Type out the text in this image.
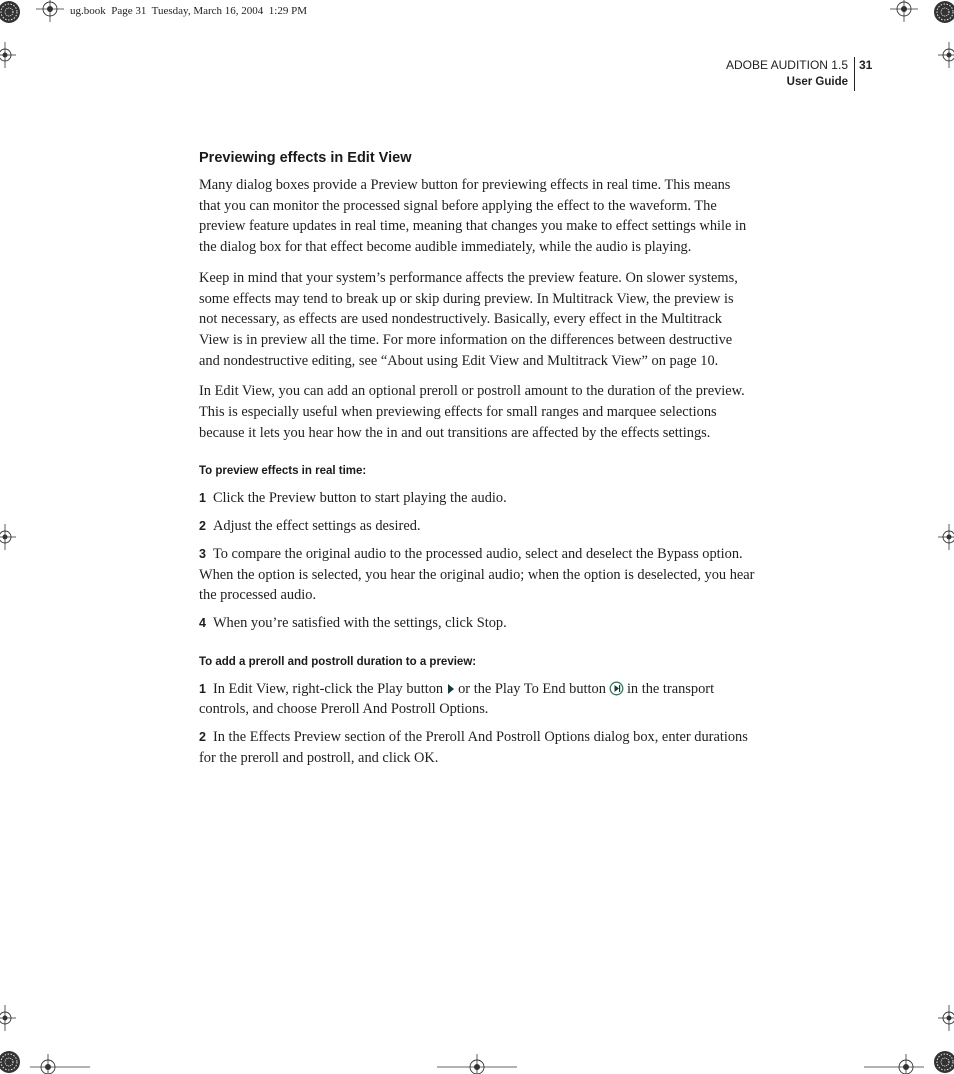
ug.book  Page 31  Tuesday, March 16, 2004  1:29 PM
ADOBE AUDITION 1.5
User Guide
31
Previewing effects in Edit View

Many dialog boxes provide a Preview button for previewing effects in real time. This means that you can monitor the processed signal before applying the effect to the waveform. The preview feature updates in real time, meaning that changes you make to effect settings while in the dialog box for that effect become audible immediately, while the audio is playing.

Keep in mind that your system’s performance affects the preview feature. On slower systems, some effects may tend to break up or skip during preview. In Multitrack View, the preview is not necessary, as effects are used nondestructively. Basically, every effect in the Multitrack View is in preview all the time. For more information on the differences between destructive and nondestructive editing, see “About using Edit View and Multitrack View” on page 10.

In Edit View, you can add an optional preroll or postroll amount to the duration of the preview. This is especially useful when previewing effects for small ranges and marquee selections because it lets you hear how the in and out transitions are affected by the effects settings.

To preview effects in real time:

1 Click the Preview button to start playing the audio.

2 Adjust the effect settings as desired.

3 To compare the original audio to the processed audio, select and deselect the Bypass option. When the option is selected, you hear the original audio; when the option is deselected, you hear the processed audio.

4 When you’re satisfied with the settings, click Stop.

To add a preroll and postroll duration to a preview:

1 In Edit View, right-click the Play button or the Play To End button in the transport controls, and choose Preroll And Postroll Options.

2 In the Effects Preview section of the Preroll And Postroll Options dialog box, enter durations for the preroll and postroll, and click OK.
